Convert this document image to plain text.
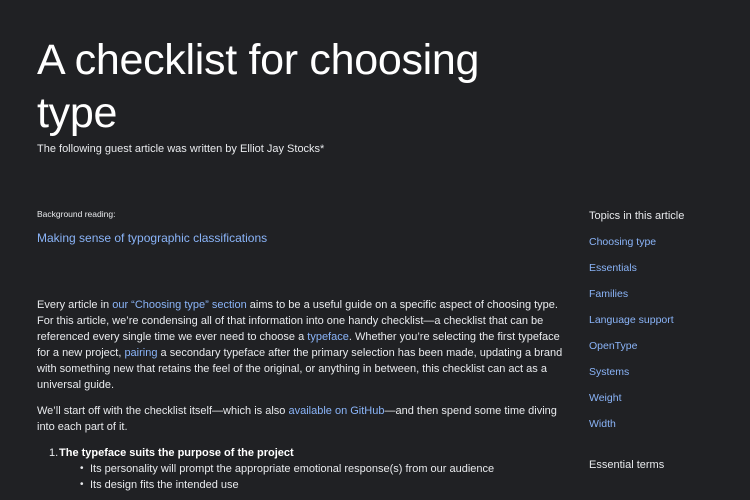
A checklist for choosing type
The following guest article was written by Elliot Jay Stocks*
Background reading:
Making sense of typographic classifications

Every article in our “Choosing type” section aims to be a useful guide on a specific aspect of choosing type. For this article, we’re condensing all of that information into one handy checklist—a checklist that can be referenced every single time we ever need to choose a typeface. Whether you’re selecting the first typeface for a new project, pairing a secondary typeface after the primary selection has been made, updating a brand with something new that retains the feel of the original, or anything in between, this checklist can act as a universal guide.

We’ll start off with the checklist itself—which is also available on GitHub—and then spend some time diving into each part of it.

1. The typeface suits the purpose of the project
• Its personality will prompt the appropriate emotional response(s) from our audience
• Its design fits the intended use
Topics in this article
Choosing type
Essentials
Families
Language support
OpenType
Systems
Weight
Width
Essential terms
